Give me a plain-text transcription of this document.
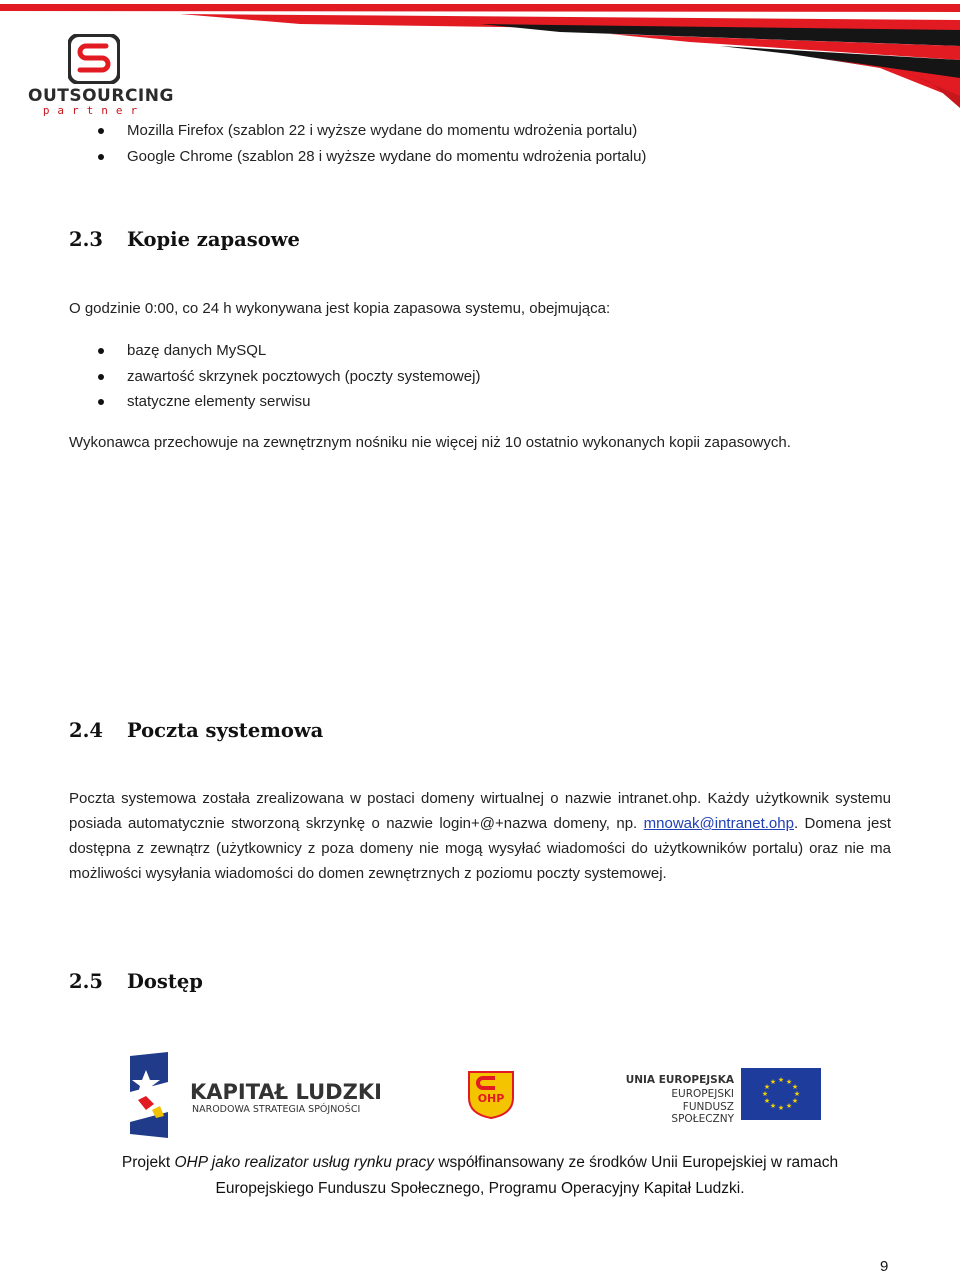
OUTSOURCING
partner
Mozilla Firefox (szablon 22 i wyższe wydane do momentu wdrożenia portalu)
Google Chrome (szablon 28 i wyższe wydane do momentu wdrożenia portalu)
2.3 Kopie zapasowe
O godzinie 0:00, co 24 h wykonywana jest kopia zapasowa systemu, obejmująca:
bazę danych MySQL
zawartość skrzynek pocztowych (poczty systemowej)
statyczne elementy serwisu
Wykonawca przechowuje na zewnętrznym nośniku nie więcej niż 10 ostatnio wykonanych kopii zapasowych.
2.4 Poczta systemowa
Poczta systemowa została zrealizowana w postaci domeny wirtualnej o nazwie intranet.ohp. Każdy użytkownik systemu posiada automatycznie stworzoną skrzynkę o nazwie login+@+nazwa domeny, np. mnowak@intranet.ohp. Domena jest dostępna z zewnątrz (użytkownicy z poza domeny nie mogą wysyłać wiadomości do użytkowników portalu) oraz nie ma możliwości wysyłania wiadomości do domen zewnętrznych z poziomu poczty systemowej.
2.5 Dostęp
KAPITAŁ LUDZKI
NARODOWA STRATEGIA SPÓJNOŚCI
OHP
UNIA EUROPEJSKA
EUROPEJSKI
FUNDUSZ SPOŁECZNY
★ ★
★
★
★
★
★
★
★
★
★
★
Projekt OHP jako realizator usług rynku pracy współfinansowany ze środków Unii Europejskiej w ramach
Europejskiego Funduszu Społecznego, Programu Operacyjny Kapitał Ludzki.
9
